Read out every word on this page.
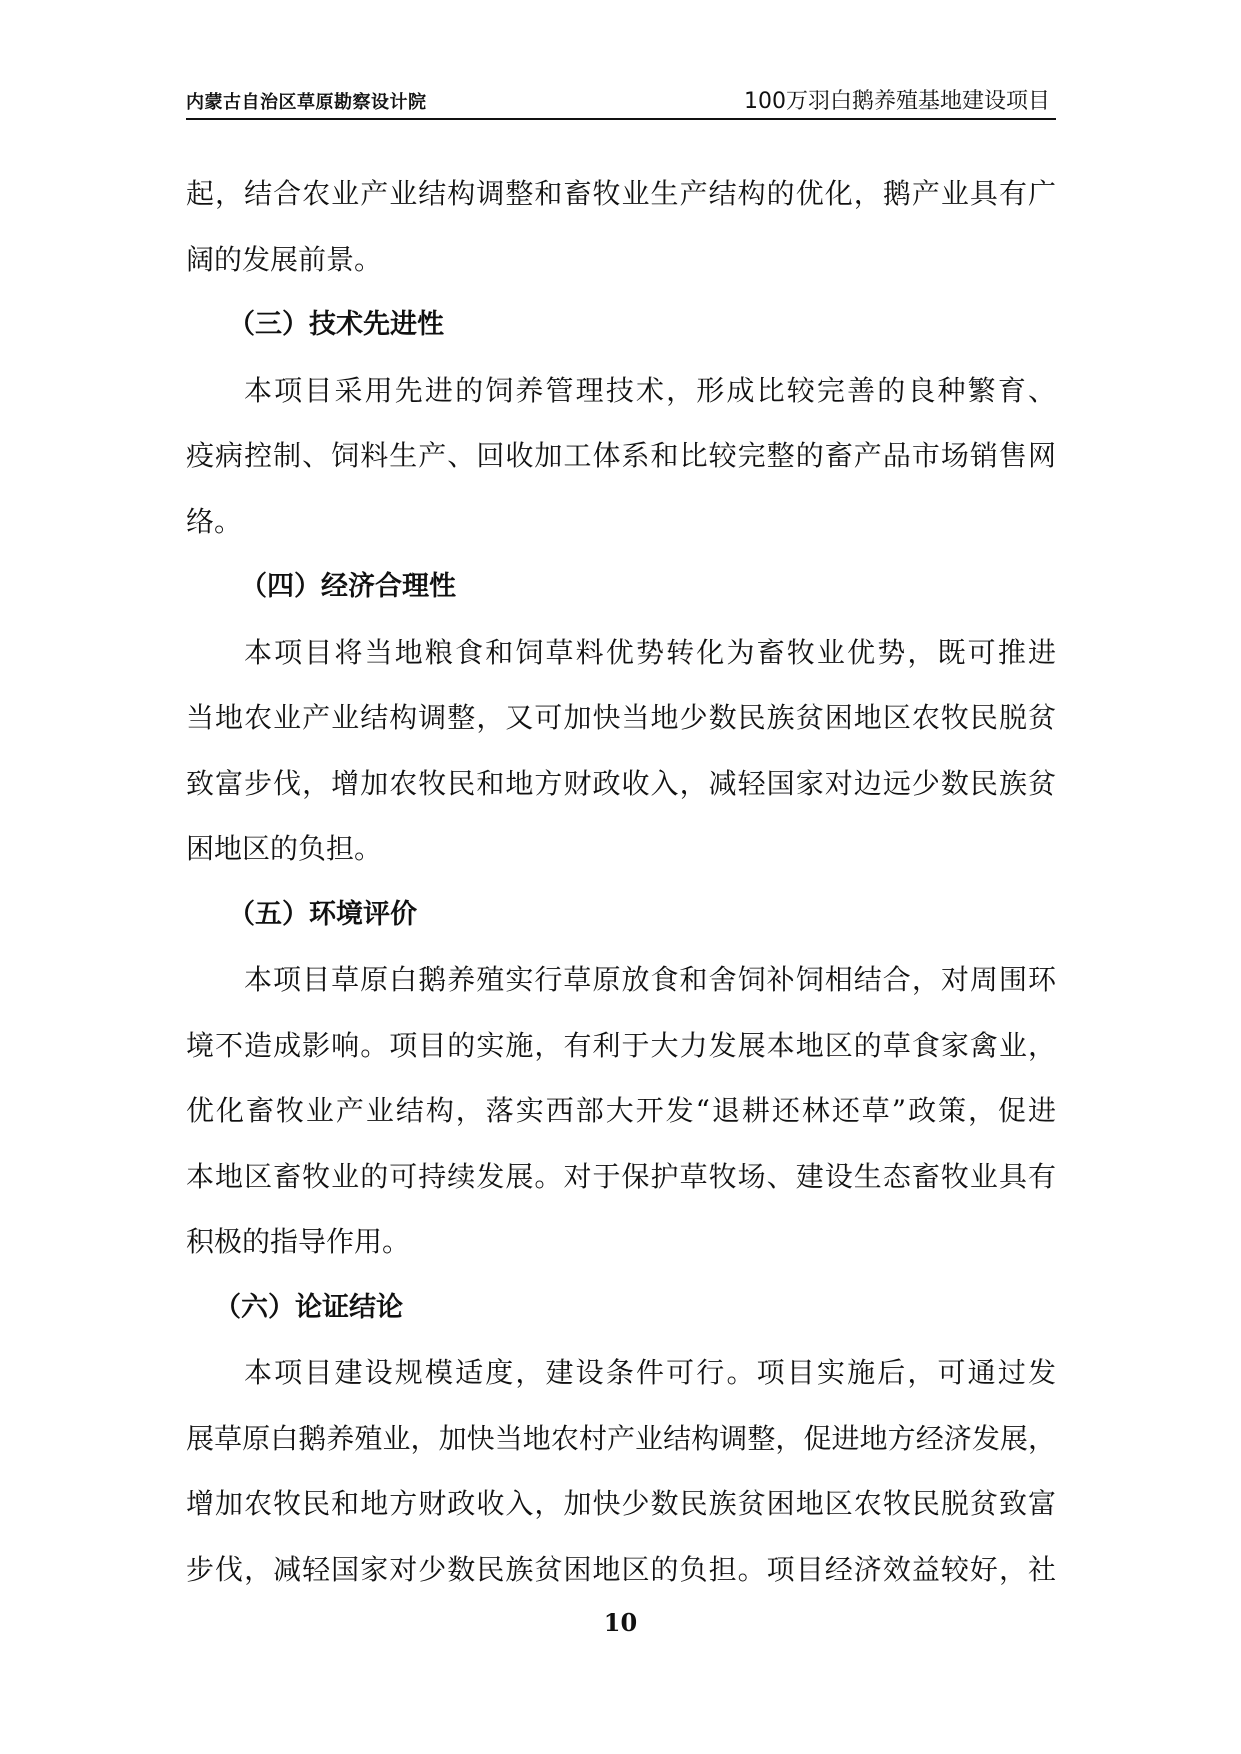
内蒙古自治区草原勘察设计院	100万羽白鹅养殖基地建设项目
起，结合农业产业结构调整和畜牧业生产结构的优化，鹅产业具有广
阔的发展前景。
（三）技术先进性
本项目采用先进的饲养管理技术，形成比较完善的良种繁育、
疫病控制、饲料生产、回收加工体系和比较完整的畜产品市场销售网
络。
（四）经济合理性
本项目将当地粮食和饲草料优势转化为畜牧业优势，既可推进
当地农业产业结构调整，又可加快当地少数民族贫困地区农牧民脱贫
致富步伐，增加农牧民和地方财政收入，减轻国家对边远少数民族贫
困地区的负担。
（五）环境评价
本项目草原白鹅养殖实行草原放食和舍饲补饲相结合，对周围环
境不造成影响。项目的实施，有利于大力发展本地区的草食家禽业，
优化畜牧业产业结构，落实西部大开发“退耕还林还草”政策，促进
本地区畜牧业的可持续发展。对于保护草牧场、建设生态畜牧业具有
积极的指导作用。
（六）论证结论
本项目建设规模适度，建设条件可行。项目实施后，可通过发
展草原白鹅养殖业，加快当地农村产业结构调整，促进地方经济发展，
增加农牧民和地方财政收入，加快少数民族贫困地区农牧民脱贫致富
步伐，减轻国家对少数民族贫困地区的负担。项目经济效益较好，社
10
